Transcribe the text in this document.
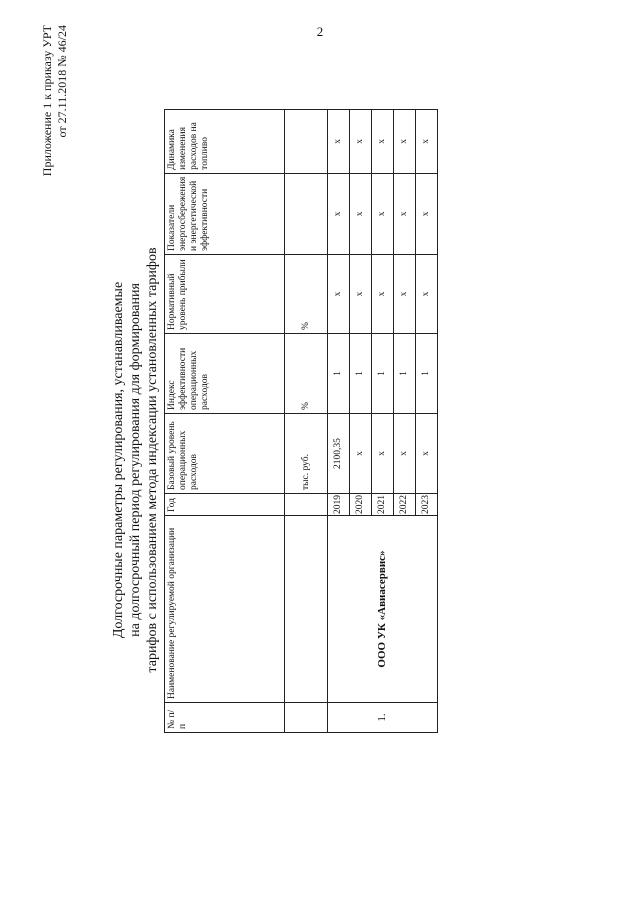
2
Приложение 1 к приказу УРТ от 27.11.2018 № 46/24
Долгосрочные параметры регулирования, устанавливаемые на долгосрочный период регулирования для формирования тарифов с использованием метода индексации установленных тарифов
№ п/п	Наименование регулируемой организации	Год	Базовый уровень операционных расходов	Индекс эффективности операционных расходов	Нормативный уровень прибыли	Показатели энергосбережения и энергетической эффективности	Динамика изменения расходов на топливо
			тыс. руб.	%	%		
1.	ООО УК «Авиасервис»	2019	2100,35	1	x	x	x
		2020	x	1	x	x	x
		2021	x	1	x	x	x
		2022	x	1	x	x	x
		2023	x	1	x	x	x
